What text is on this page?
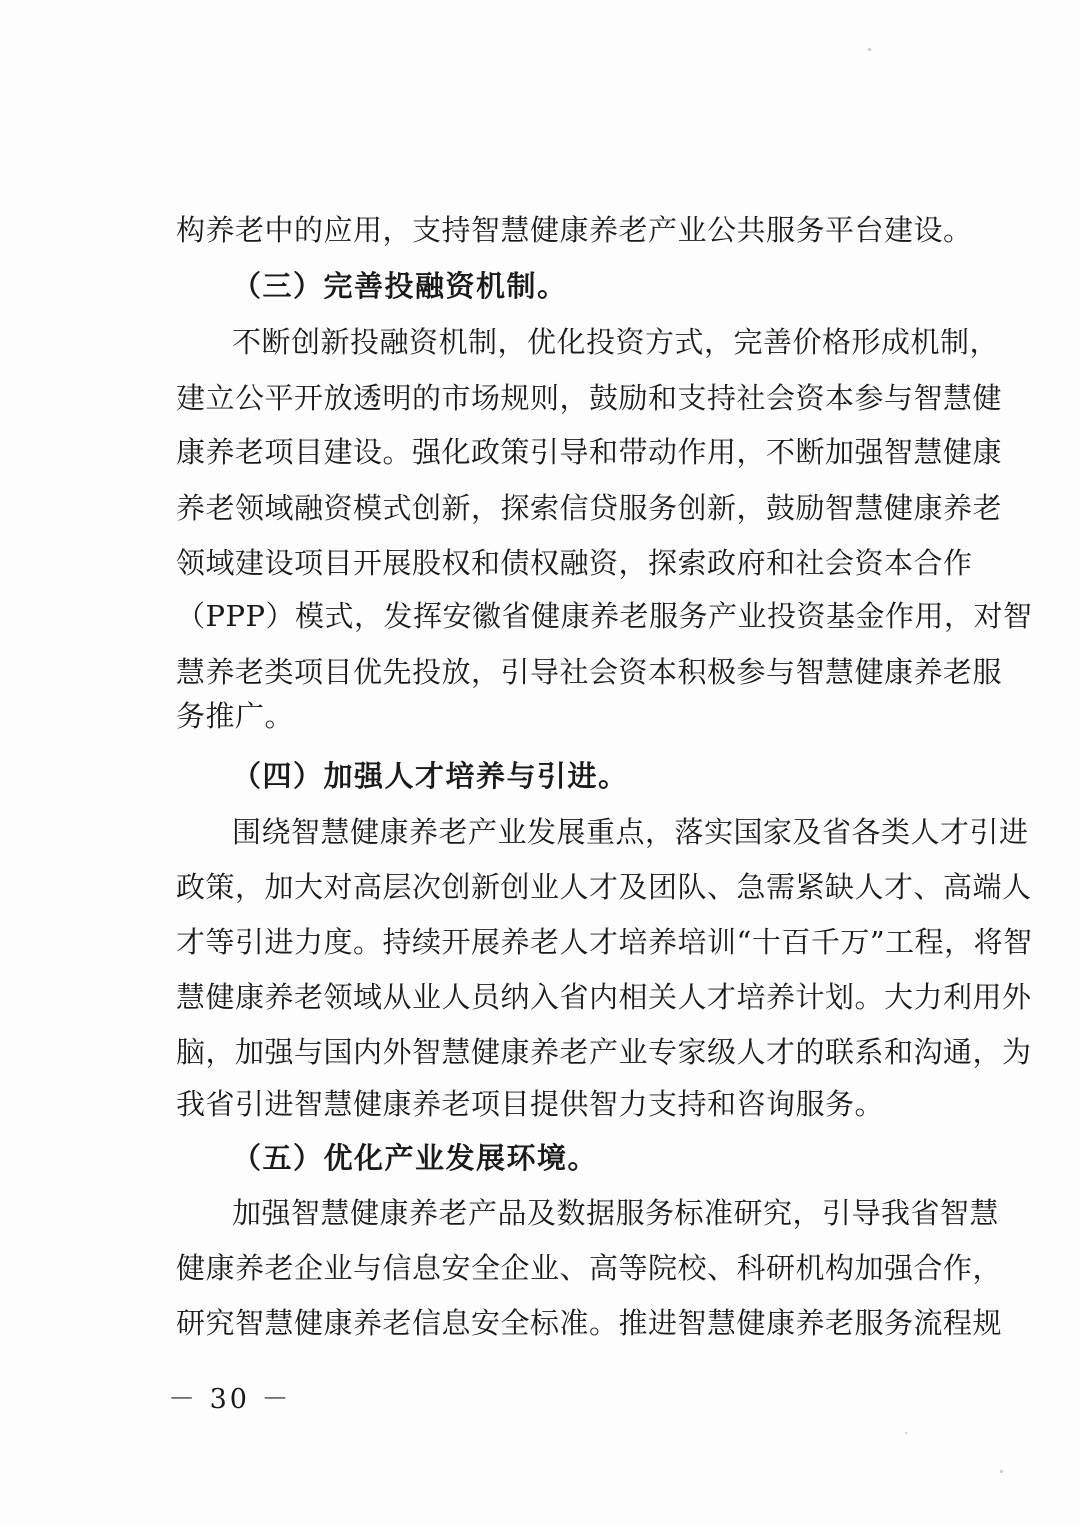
构养老中的应用，支持智慧健康养老产业公共服务平台建设。
（三）完善投融资机制。
不断创新投融资机制，优化投资方式，完善价格形成机制，
建立公平开放透明的市场规则，鼓励和支持社会资本参与智慧健
康养老项目建设。强化政策引导和带动作用，不断加强智慧健康
养老领域融资模式创新，探索信贷服务创新，鼓励智慧健康养老
领域建设项目开展股权和债权融资，探索政府和社会资本合作
（PPP）模式，发挥安徽省健康养老服务产业投资基金作用，对智
慧养老类项目优先投放，引导社会资本积极参与智慧健康养老服
务推广。
（四）加强人才培养与引进。
围绕智慧健康养老产业发展重点，落实国家及省各类人才引进
政策，加大对高层次创新创业人才及团队、急需紧缺人才、高端人
才等引进力度。持续开展养老人才培养培训“十百千万”工程，将智
慧健康养老领域从业人员纳入省内相关人才培养计划。大力利用外
脑，加强与国内外智慧健康养老产业专家级人才的联系和沟通，为
我省引进智慧健康养老项目提供智力支持和咨询服务。
（五）优化产业发展环境。
加强智慧健康养老产品及数据服务标准研究，引导我省智慧
健康养老企业与信息安全企业、高等院校、科研机构加强合作，
研究智慧健康养老信息安全标准。推进智慧健康养老服务流程规
－ 30 －
